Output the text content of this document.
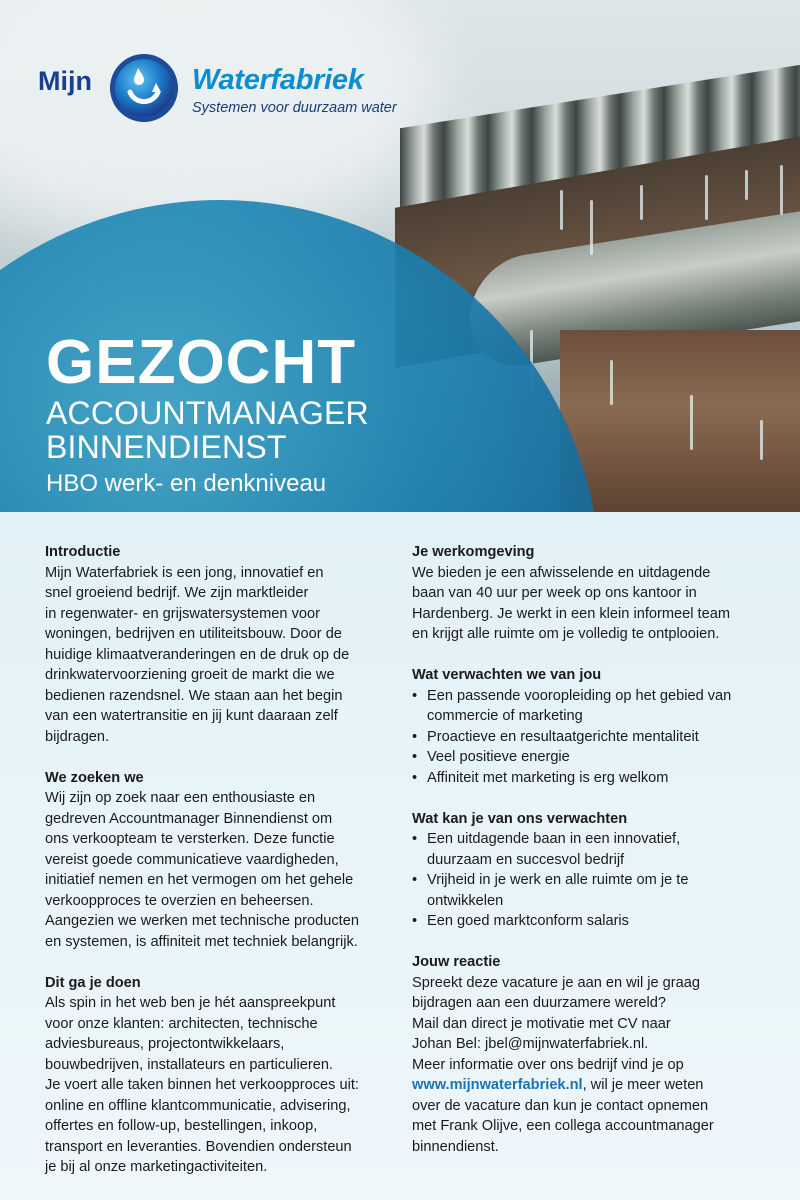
Mijn	Waterfabriek
Systemen voor duurzaam water
GEZOCHT
ACCOUNTMANAGER
BINNENDIENST
HBO werk- en denkniveau
Introductie
Mijn Waterfabriek is een jong, innovatief en
snel groeiend bedrijf. We zijn marktleider
in regenwater- en grijswatersystemen voor
woningen, bedrijven en utiliteitsbouw. Door de
huidige klimaatveranderingen en de druk op de
drinkwatervoorziening groeit de markt die we
bedienen razendsnel. We staan aan het begin
van een watertransitie en jij kunt daaraan zelf
bijdragen.
We zoeken we
Wij zijn op zoek naar een enthousiaste en
gedreven Accountmanager Binnendienst om
ons verkoopteam te versterken. Deze functie
vereist goede communicatieve vaardigheden,
initiatief nemen en het vermogen om het gehele
verkoopproces te overzien en beheersen.
Aangezien we werken met technische producten
en systemen, is affiniteit met techniek belangrijk.
Dit ga je doen
Als spin in het web ben je hét aanspreekpunt
voor onze klanten: architecten, technische
adviesbureaus, projectontwikkelaars,
bouwbedrijven, installateurs en particulieren.
Je voert alle taken binnen het verkoopproces uit:
online en offline klantcommunicatie, advisering,
offertes en follow-up, bestellingen, inkoop,
transport en leveranties. Bovendien ondersteun
je bij al onze marketingactiviteiten.
Je werkomgeving
We bieden je een afwisselende en uitdagende
baan van 40 uur per week op ons kantoor in
Hardenberg. Je werkt in een klein informeel team
en krijgt alle ruimte om je volledig te ontplooien.
Wat verwachten we van jou
• Een passende vooropleiding op het gebied van
commercie of marketing
• Proactieve en resultaatgerichte mentaliteit
• Veel positieve energie
• Affiniteit met marketing is erg welkom
Wat kan je van ons verwachten
• Een uitdagende baan in een innovatief,
duurzaam en succesvol bedrijf
• Vrijheid in je werk en alle ruimte om je te
ontwikkelen
• Een goed marktconform salaris
Jouw reactie
Spreekt deze vacature je aan en wil je graag
bijdragen aan een duurzamere wereld?
Mail dan direct je motivatie met CV naar
Johan Bel: jbel@mijnwaterfabriek.nl.
Meer informatie over ons bedrijf vind je op
www.mijnwaterfabriek.nl, wil je meer weten
over de vacature dan kun je contact opnemen
met Frank Olijve, een collega accountmanager
binnendienst.
